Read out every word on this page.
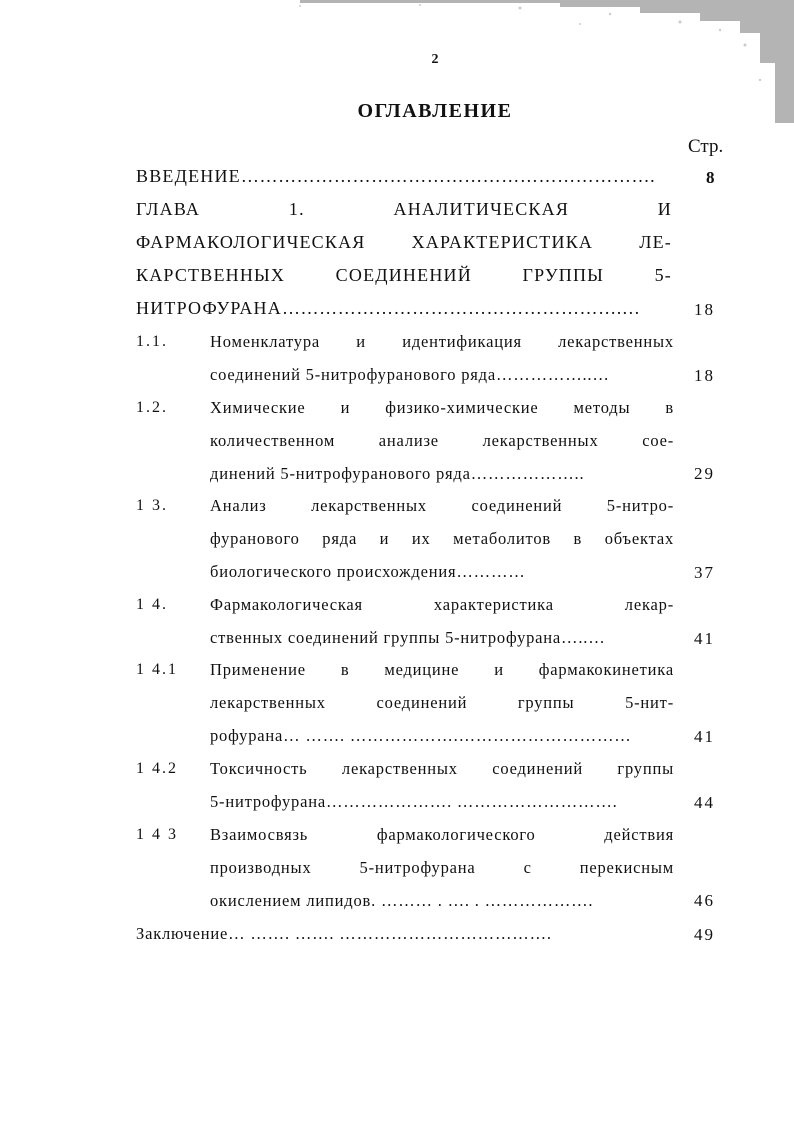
2
ОГЛАВЛЕНИЕ
Стр.
ВВЕДЕНИЕ………………………………………………………….	8
ГЛАВА 1. АНАЛИТИЧЕСКАЯ И
ФАРМАКОЛОГИЧЕСКАЯ ХАРАКТЕРИСТИКА ЛЕ-
КАРСТВЕННЫХ СОЕДИНЕНИЙ ГРУППЫ 5-
НИТРОФУРАНА……………………………………………….…	18
1.1.	Номенклатура и идентификация лекарственных
соединений 5-нитрофуранового ряда……………..…	18
1.2.	Химические и физико-химические методы в
количественном анализе лекарственных сое-
динений 5-нитрофуранового ряда………………..	29
1 3.	Анализ лекарственных соединений 5-нитро-
фуранового ряда и их метаболитов в объектах
биологического происхождения…………	37
1 4.	Фармакологическая характеристика лекар-
ственных соединений группы 5-нитрофурана…..…	41
1 4.1 Применение в медицине и фармакокинетика
лекарственных соединений группы 5-нит-
рофурана… ……. ……………….…………………………	41
1 4.2 Токсичность лекарственных соединений группы
5-нитрофурана…………………. ……………………….	44
1 4 3 Взаимосвязь фармакологического действия
производных 5-нитрофурана с перекисным
окислением липидов. ……… . …. . ……………….	46
Заключение… ……. ……. ……………………………….	49
